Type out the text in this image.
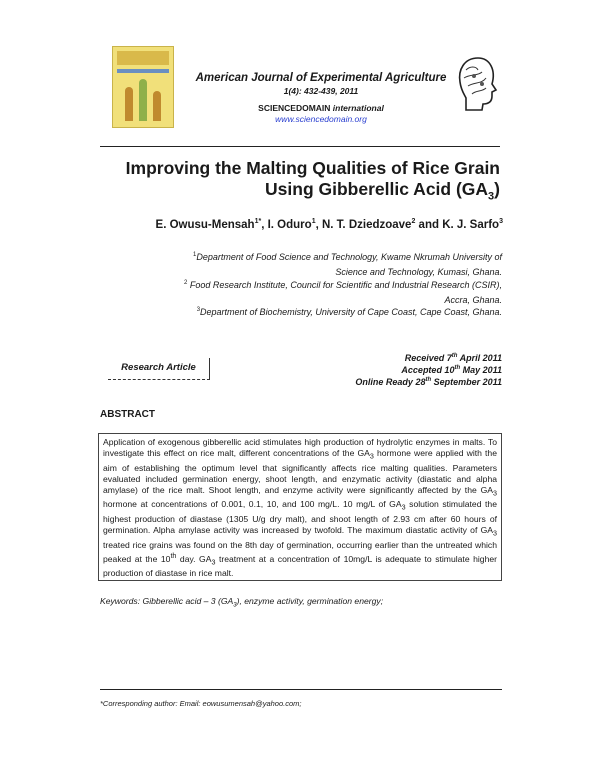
American Journal of Experimental Agriculture
1(4): 432-439, 2011
SCIENCEDOMAIN international
www.sciencedomain.org
Improving the Malting Qualities of Rice Grain
Using Gibberellic Acid $(GA_3)$
E. Owusu-Mensah$^{1*}$, I. Oduro$^1$, N. T. Dziedzoave$^2$ and K. J. Sarfo$^3$
$^1$Department of Food Science and Technology, Kwame Nkrumah University of
Science and Technology, Kumasi, Ghana.
$^2$ Food Research Institute, Council for Scientific and Industrial Research (CSIR),
Accra, Ghana.
$^3$Department of Biochemistry, University of Cape Coast, Cape Coast, Ghana.
Research Article
Received 7th April 2011
Accepted 10th May 2011
Online Ready 28th September 2011
ABSTRACT
Application of exogenous gibberellic acid stimulates high production of hydrolytic enzymes in malts. To investigate this effect on rice malt, different concentrations of the $GA_3$ hormone were applied with the aim of establishing the optimum level that significantly affects rice malting qualities. Parameters evaluated included germination energy, shoot length, and enzymatic activity (diastatic and alpha amylase) of the rice malt. Shoot length, and enzyme activity were significantly affected by the $GA_3$ hormone at concentrations of 0.001, 0.1, 10, and 100 mg/L. 10 mg/L of $GA_3$ solution stimulated the highest production of diastase (1305 U/g dry malt), and shoot length of 2.93 cm after 60 hours of germination. Alpha amylase activity was increased by twofold. The maximum diastatic activity of $GA_3$ treated rice grains was found on the 8th day of germination, occurring earlier than the untreated which peaked at the 10th day. $GA_3$ treatment at a concentration of 10mg/L is adequate to stimulate higher production of diastase in rice malt.
Keywords: Gibberellic acid – 3 $(GA_3)$, enzyme activity, germination energy;
*Corresponding author: Email: eowusumensah@yahoo.com;
